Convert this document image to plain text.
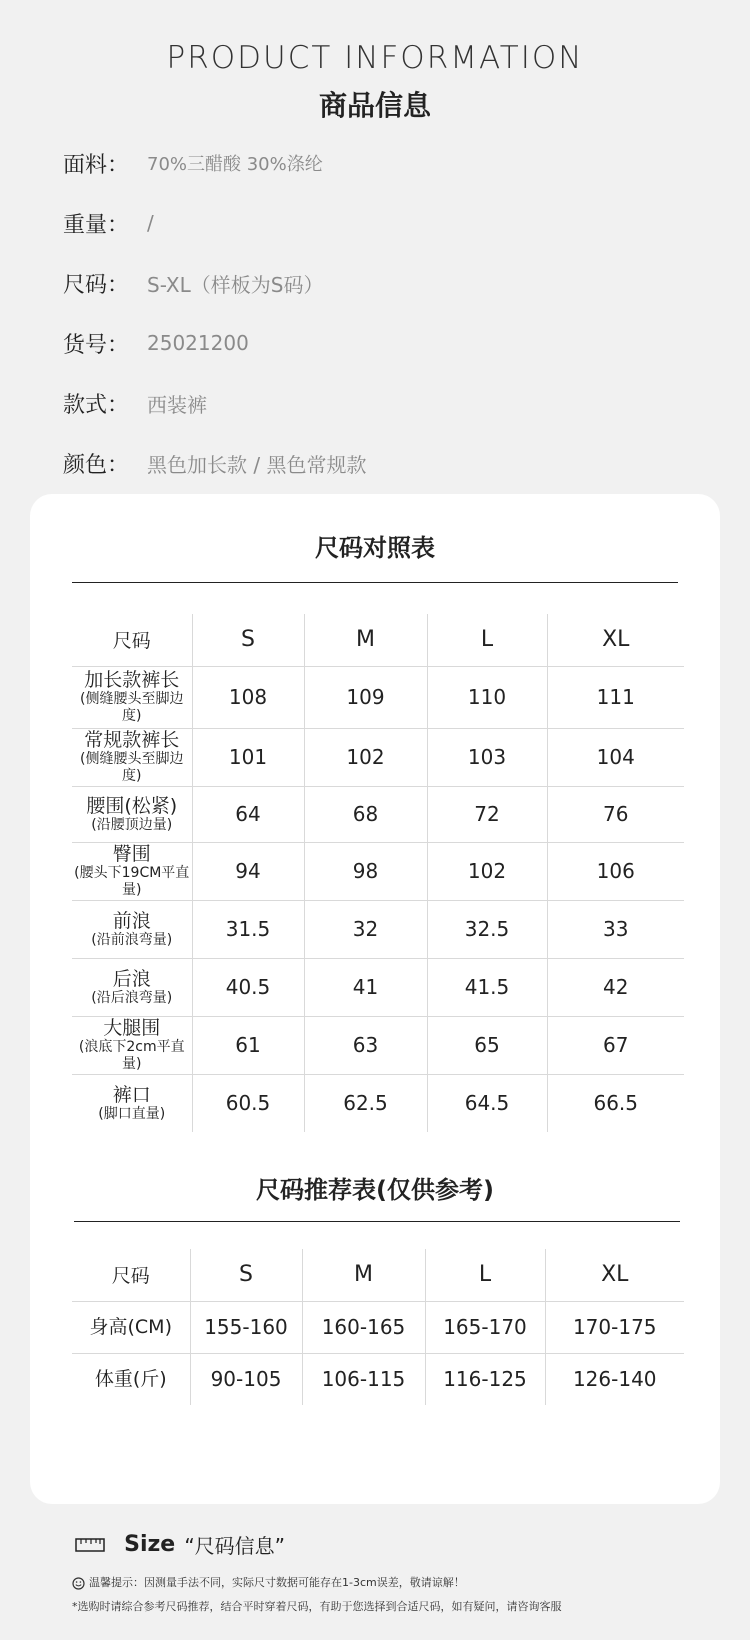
PRODUCT INFORMATION
商品信息
面料： 70%三醋酸 30%涤纶
重量： /
尺码： S-XL（样板为S码）
货号： 25021200
款式： 西装裤
颜色： 黑色加长款 / 黑色常规款
尺码对照表
尺码	S	M	L	XL

加长款裤长
(侧缝腰头至脚边度)	108	109	110	111

常规款裤长
(侧缝腰头至脚边度)	101	102	103	104

腰围(松紧)
(沿腰顶边量)	64	68	72	76

臀围
(腰头下19CM平直量)	94	98	102	106

前浪
(沿前浪弯量)	31.5	32	32.5	33

后浪
(沿后浪弯量)	40.5	41	41.5	42

大腿围
(浪底下2cm平直量)	61	63	65	67

裤口
(脚口直量)	60.5	62.5	64.5	66.5
尺码推荐表(仅供参考)
尺码	S	M	L	XL

身高(CM)	155-160	160-165	165-170	170-175

体重(斤)	90-105	106-115	116-125	126-140
Size “尺码信息”
温馨提示：因测量手法不同，实际尺寸数据可能存在1-3cm误差，敬请谅解！
*选购时请综合参考尺码推荐，结合平时穿着尺码，有助于您选择到合适尺码，如有疑问，请咨询客服
